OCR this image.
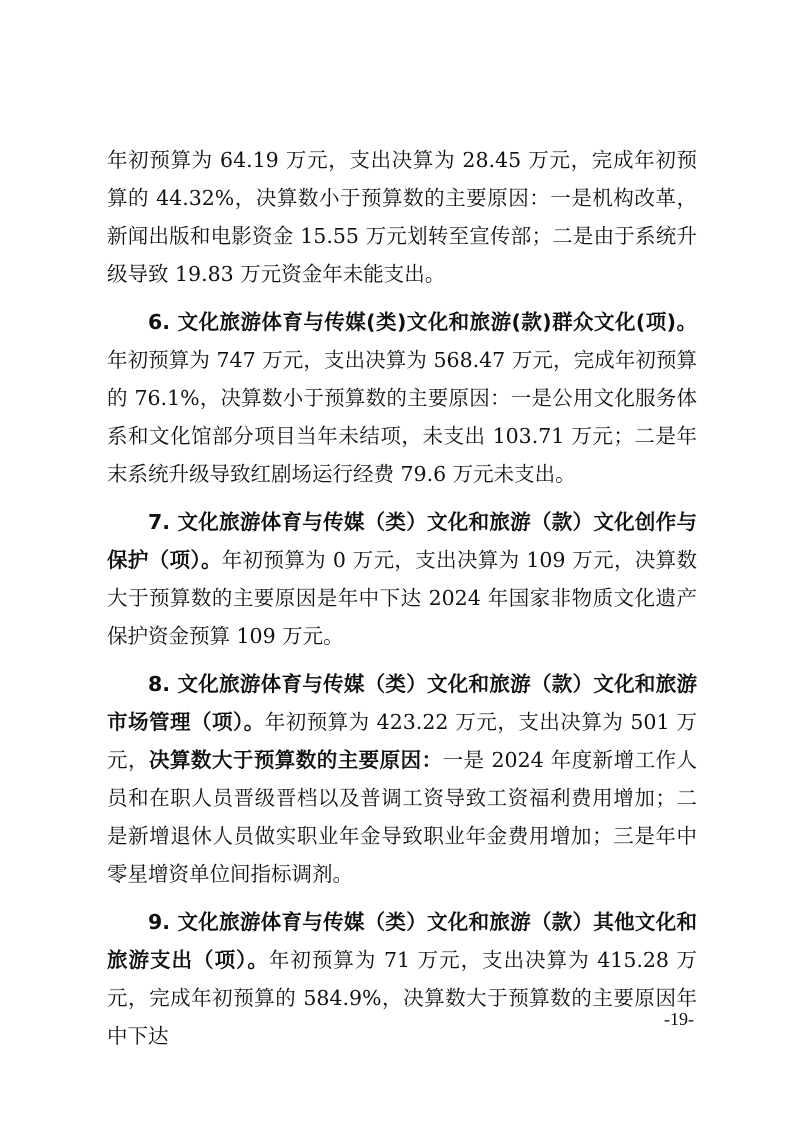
年初预算为 64.19 万元，支出决算为 28.45 万元，完成年初预算的 44.32%，决算数小于预算数的主要原因：一是机构改革，新闻出版和电影资金 15.55 万元划转至宣传部；二是由于系统升级导致 19.83 万元资金年未能支出。

6. 文化旅游体育与传媒(类)文化和旅游(款)群众文化(项)。年初预算为 747 万元，支出决算为 568.47 万元，完成年初预算的 76.1%，决算数小于预算数的主要原因：一是公用文化服务体系和文化馆部分项目当年未结项，未支出 103.71 万元；二是年末系统升级导致红剧场运行经费 79.6 万元未支出。

7. 文化旅游体育与传媒（类）文化和旅游（款）文化创作与保护（项）。年初预算为 0 万元，支出决算为 109 万元，决算数大于预算数的主要原因是年中下达 2024 年国家非物质文化遗产保护资金预算 109 万元。

8. 文化旅游体育与传媒（类）文化和旅游（款）文化和旅游市场管理（项）。年初预算为 423.22 万元，支出决算为 501 万元，决算数大于预算数的主要原因：一是 2024 年度新增工作人员和在职人员晋级晋档以及普调工资导致工资福利费用增加；二是新增退休人员做实职业年金导致职业年金费用增加；三是年中零星增资单位间指标调剂。

9. 文化旅游体育与传媒（类）文化和旅游（款）其他文化和旅游支出（项）。年初预算为 71 万元，支出决算为 415.28 万元，完成年初预算的 584.9%，决算数大于预算数的主要原因年中下达

-19-
